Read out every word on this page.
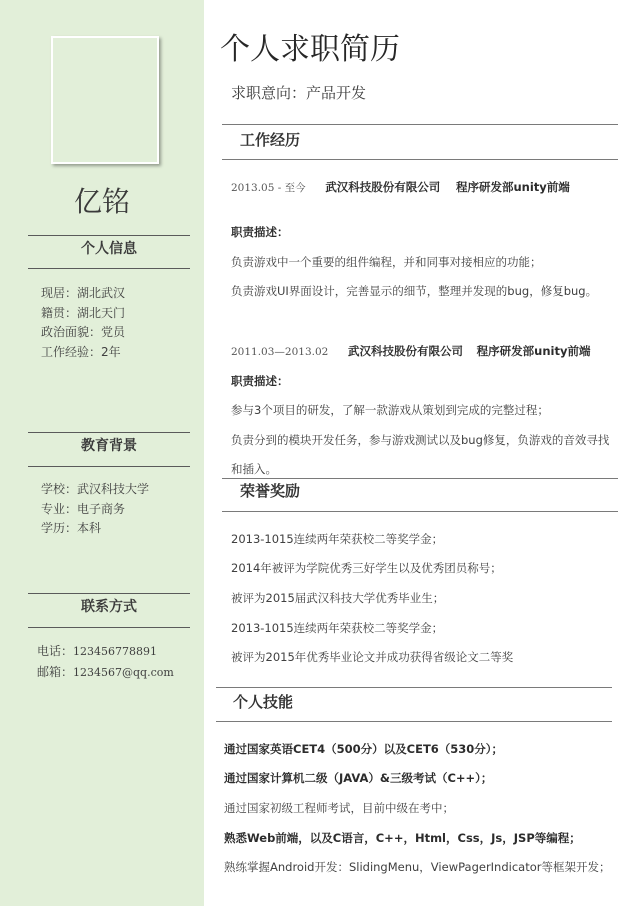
亿铭
个人信息
现居：湖北武汉
籍贯：湖北天门
政治面貌：党员
工作经验：2年
教育背景
学校：武汉科技大学
专业：电子商务
学历：本科
联系方式
电话：123456778891
邮箱：1234567@qq.com
个人求职简历
求职意向：产品开发
工作经历
2013.05 - 至今 武汉科技股份有限公司 程序研发部unity前端
职责描述：
负责游戏中一个重要的组件编程，并和同事对接相应的功能；
负责游戏UI界面设计，完善显示的细节，整理并发现的bug，修复bug。
2011.03—2013.02 武汉科技股份有限公司 程序研发部unity前端
职责描述：
参与3个项目的研发，了解一款游戏从策划到完成的完整过程；
负责分到的模块开发任务，参与游戏测试以及bug修复，负游戏的音效寻找
和插入。
荣誉奖励
2013-1015连续两年荣获校二等奖学金；
2014年被评为学院优秀三好学生以及优秀团员称号；
被评为2015届武汉科技大学优秀毕业生；
2013-1015连续两年荣获校二等奖学金；
被评为2015年优秀毕业论文并成功获得省级论文二等奖
个人技能
通过国家英语CET4（500分）以及CET6（530分）；
通过国家计算机二级（JAVA）&三级考试（C++）；
通过国家初级工程师考试，目前中级在考中；
熟悉Web前端，以及C语言，C++，Html，Css，Js，JSP等编程；
熟练掌握Android开发：SlidingMenu，ViewPagerIndicator等框架开发；
